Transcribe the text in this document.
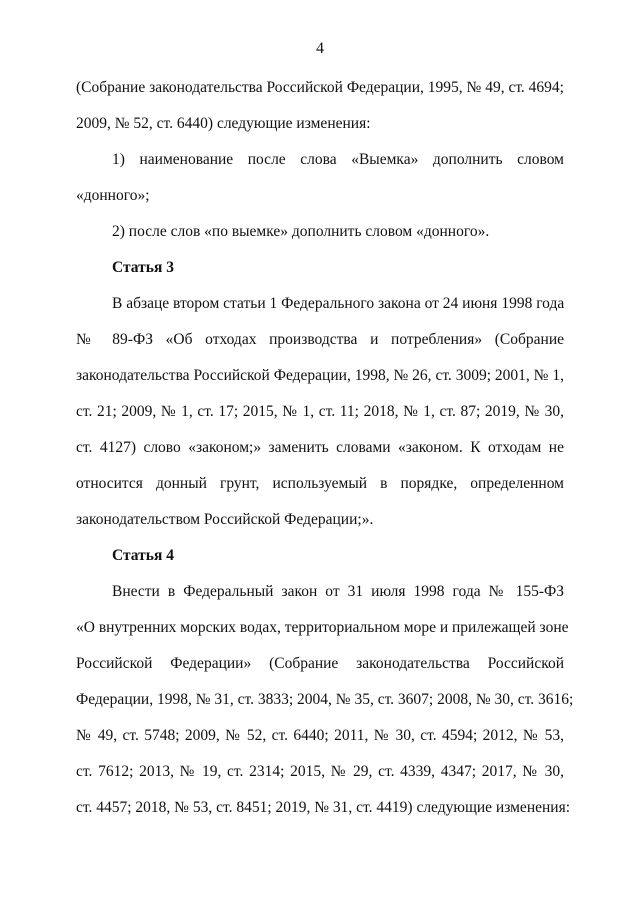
4
(Собрание законодательства Российской Федерации, 1995, № 49, ст. 4694;
2009, № 52, ст. 6440) следующие изменения:
1) наименование после слова «Выемка» дополнить словом
«донного»;
2) после слов «по выемке» дополнить словом «донного».
Статья 3
В абзаце втором статьи 1 Федерального закона от 24 июня 1998 года
№ 89-ФЗ «Об отходах производства и потребления» (Собрание
законодательства Российской Федерации, 1998, № 26, ст. 3009; 2001, № 1,
ст. 21; 2009, № 1, ст. 17; 2015, № 1, ст. 11; 2018, № 1, ст. 87; 2019, № 30,
ст. 4127) слово «законом;» заменить словами «законом. К отходам не
относится донный грунт, используемый в порядке, определенном
законодательством Российской Федерации;».
Статья 4
Внести в Федеральный закон от 31 июля 1998 года № 155-ФЗ
«О внутренних морских водах, территориальном море и прилежащей зоне
Российской Федерации» (Собрание законодательства Российской
Федерации, 1998, № 31, ст. 3833; 2004, № 35, ст. 3607; 2008, № 30, ст. 3616;
№ 49, ст. 5748; 2009, № 52, ст. 6440; 2011, № 30, ст. 4594; 2012, № 53,
ст. 7612; 2013, № 19, ст. 2314; 2015, № 29, ст. 4339, 4347; 2017, № 30,
ст. 4457; 2018, № 53, ст. 8451; 2019, № 31, ст. 4419) следующие изменения:
